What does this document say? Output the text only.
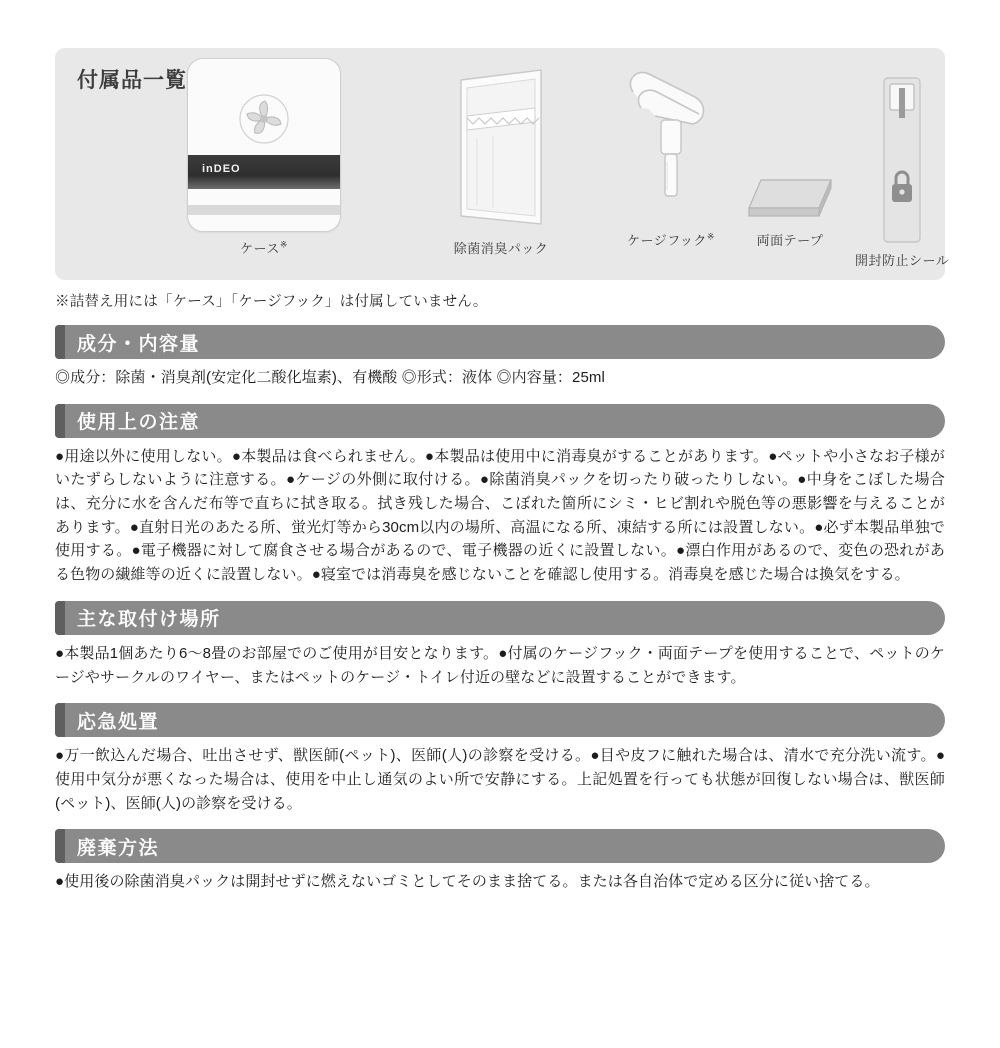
付属品一覧
inDEO
ケース※	除菌消臭パック
ケージフック※	両面テープ
開封防止シール
※詰替え用には「ケース」「ケージフック」は付属していません。
成分・内容量

◎成分：除菌・消臭剤(安定化二酸化塩素)、有機酸 ◎形式：液体 ◎内容量：25ml

使用上の注意

●用途以外に使用しない。●本製品は食べられません。●本製品は使用中に消毒臭がすることがあります。●ペットや小さなお子様がいたずらしないように注意する。●ケージの外側に取付ける。●除菌消臭パックを切ったり破ったりしない。●中身をこぼした場合は、充分に水を含んだ布等で直ちに拭き取る。拭き残した場合、こぼれた箇所にシミ・ヒビ割れや脱色等の悪影響を与えることがあります。●直射日光のあたる所、蛍光灯等から30cm以内の場所、高温になる所、凍結する所には設置しない。●必ず本製品単独で使用する。●電子機器に対して腐食させる場合があるので、電子機器の近くに設置しない。●漂白作用があるので、変色の恐れがある色物の繊維等の近くに設置しない。●寝室では消毒臭を感じないことを確認し使用する。消毒臭を感じた場合は換気をする。

主な取付け場所

●本製品1個あたり6〜8畳のお部屋でのご使用が目安となります。●付属のケージフック・両面テープを使用することで、ペットのケージやサークルのワイヤー、またはペットのケージ・トイレ付近の壁などに設置することができます。

応急処置

●万一飲込んだ場合、吐出させず、獣医師(ペット)、医師(人)の診察を受ける。●目や皮フに触れた場合は、清水で充分洗い流す。●使用中気分が悪くなった場合は、使用を中止し通気のよい所で安静にする。上記処置を行っても状態が回復しない場合は、獣医師(ペット)、医師(人)の診察を受ける。

廃棄方法

●使用後の除菌消臭パックは開封せずに燃えないゴミとしてそのまま捨てる。または各自治体で定める区分に従い捨てる。
